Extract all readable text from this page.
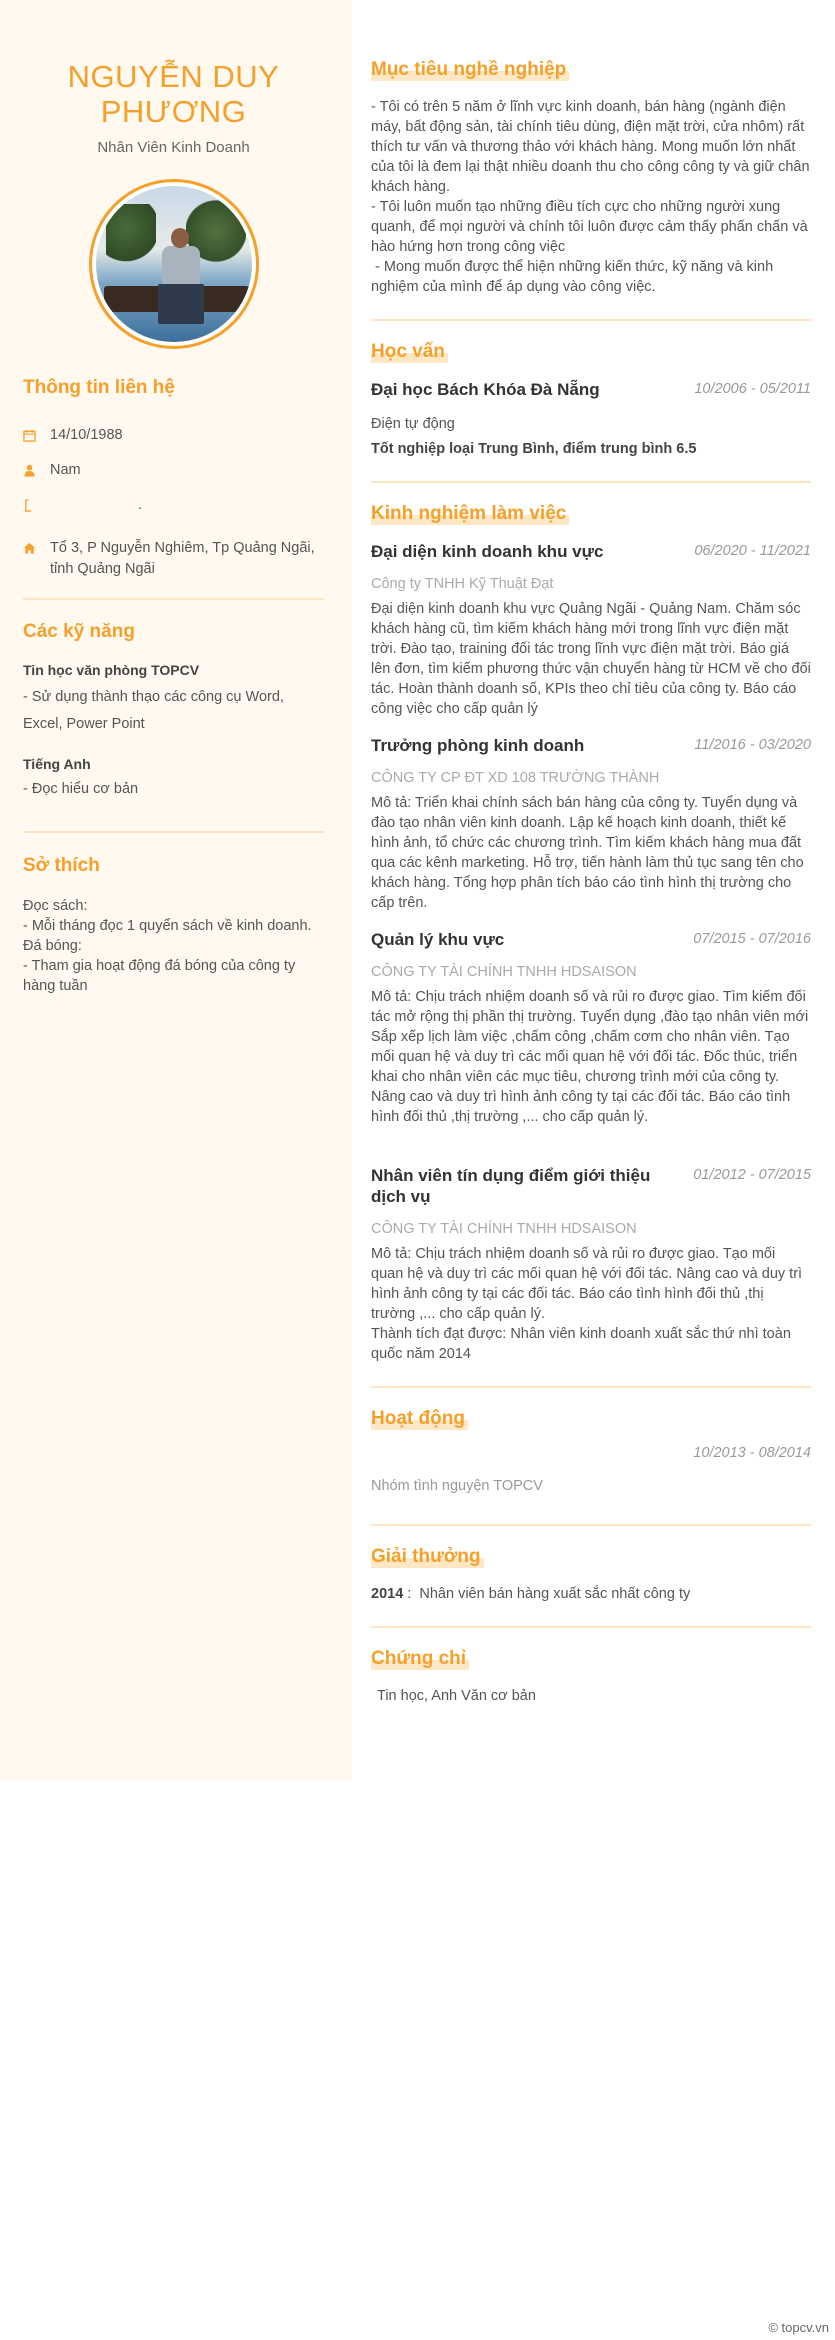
NGUYỄN DUY PHƯƠNG
Nhân Viên Kinh Doanh
Thông tin liên hệ
14/10/1988
Nam
.
Tổ 3, P Nguyễn Nghiêm, Tp Quảng Ngãi, tỉnh Quảng Ngãi
Các kỹ năng
Tin học văn phòng TOPCV
- Sử dụng thành thạo các công cụ Word, Excel, Power Point
Tiếng Anh
- Đọc hiểu cơ bản
Sở thích
Đọc sách:
- Mỗi tháng đọc 1 quyển sách về kinh doanh.
Đá bóng:
- Tham gia hoạt động đá bóng của công ty hàng tuần
Mục tiêu nghề nghiệp
- Tôi có trên 5 năm ở lĩnh vực kinh doanh, bán hàng (ngành điện máy, bất động sản, tài chính tiêu dùng, điện mặt trời, cửa nhôm) rất thích tư vấn và thương thảo với khách hàng. Mong muốn lớn nhất của tôi là đem lại thật nhiều doanh thu cho công công ty và giữ chân khách hàng.
- Tôi luôn muốn tạo những điều tích cực cho những người xung quanh, để mọi người và chính tôi luôn được cảm thấy phấn chấn và hào hứng hơn trong công việc
- Mong muốn được thể hiện những kiến thức, kỹ năng và kinh nghiệm của mình để áp dụng vào công việc.
Học vấn
Đại học Bách Khóa Đà Nẵng	10/2006 - 05/2011
Điện tự động
Tốt nghiệp loại Trung Bình, điểm trung bình 6.5
Kinh nghiệm làm việc
Đại diện kinh doanh khu vực	06/2020 - 11/2021
Công ty TNHH Kỹ Thuật Đạt
Đại diện kinh doanh khu vực Quảng Ngãi - Quảng Nam. Chăm sóc khách hàng cũ, tìm kiếm khách hàng mới trong lĩnh vực điện mặt trời. Đào tạo, training đối tác trong lĩnh vực điện mặt trời. Báo giá lên đơn, tìm kiếm phương thức vận chuyển hàng từ HCM về cho đối tác. Hoàn thành doanh số, KPIs theo chỉ tiêu của công ty. Báo cáo công việc cho cấp quản lý
Trưởng phòng kinh doanh	11/2016 - 03/2020
CÔNG TY CP ĐT XD 108 TRƯỜNG THÀNH
Mô tả: Triển khai chính sách bán hàng của công ty. Tuyển dụng và đào tạo nhân viên kinh doanh. Lập kế hoạch kinh doanh, thiết kế hình ảnh, tổ chức các chương trình. Tìm kiếm khách hàng mua đất qua các kênh marketing. Hỗ trợ, tiến hành làm thủ tục sang tên cho khách hàng. Tổng hợp phân tích báo cáo tình hình thị trường cho cấp trên.
Quản lý khu vực	07/2015 - 07/2016
CÔNG TY TÀI CHÍNH TNHH HDSAISON
Mô tả: Chịu trách nhiệm doanh số và rủi ro được giao. Tìm kiếm đối tác mở rộng thị phần thị trường. Tuyển dụng ,đào tạo nhân viên mới Sắp xếp lịch làm việc ,chấm công ,chấm cơm cho nhân viên. Tạo mối quan hệ và duy trì các mối quan hệ với đối tác. Đốc thúc, triển khai cho nhân viên các mục tiêu, chương trình mới của công ty. Nâng cao và duy trì hình ảnh công ty tại các đối tác. Báo cáo tình hình đối thủ ,thị trường ,... cho cấp quản lý.
Nhân viên tín dụng điểm giới thiệu dịch vụ
01/2012 - 07/2015
CÔNG TY TÀI CHÍNH TNHH HDSAISON
Mô tả: Chịu trách nhiệm doanh số và rủi ro được giao. Tạo mối quan hệ và duy trì các mối quan hệ với đối tác. Nâng cao và duy trì hình ảnh công ty tại các đối tác. Báo cáo tình hình đối thủ ,thị trường ,... cho cấp quản lý.
Thành tích đạt được: Nhân viên kinh doanh xuất sắc thứ nhì toàn quốc năm 2014
Hoạt động
10/2013 - 08/2014
Nhóm tình nguyện TOPCV
Giải thưởng
2014 : Nhân viên bán hàng xuất sắc nhất công ty
Chứng chỉ
Tin học, Anh Văn cơ bản
© topcv.vn
